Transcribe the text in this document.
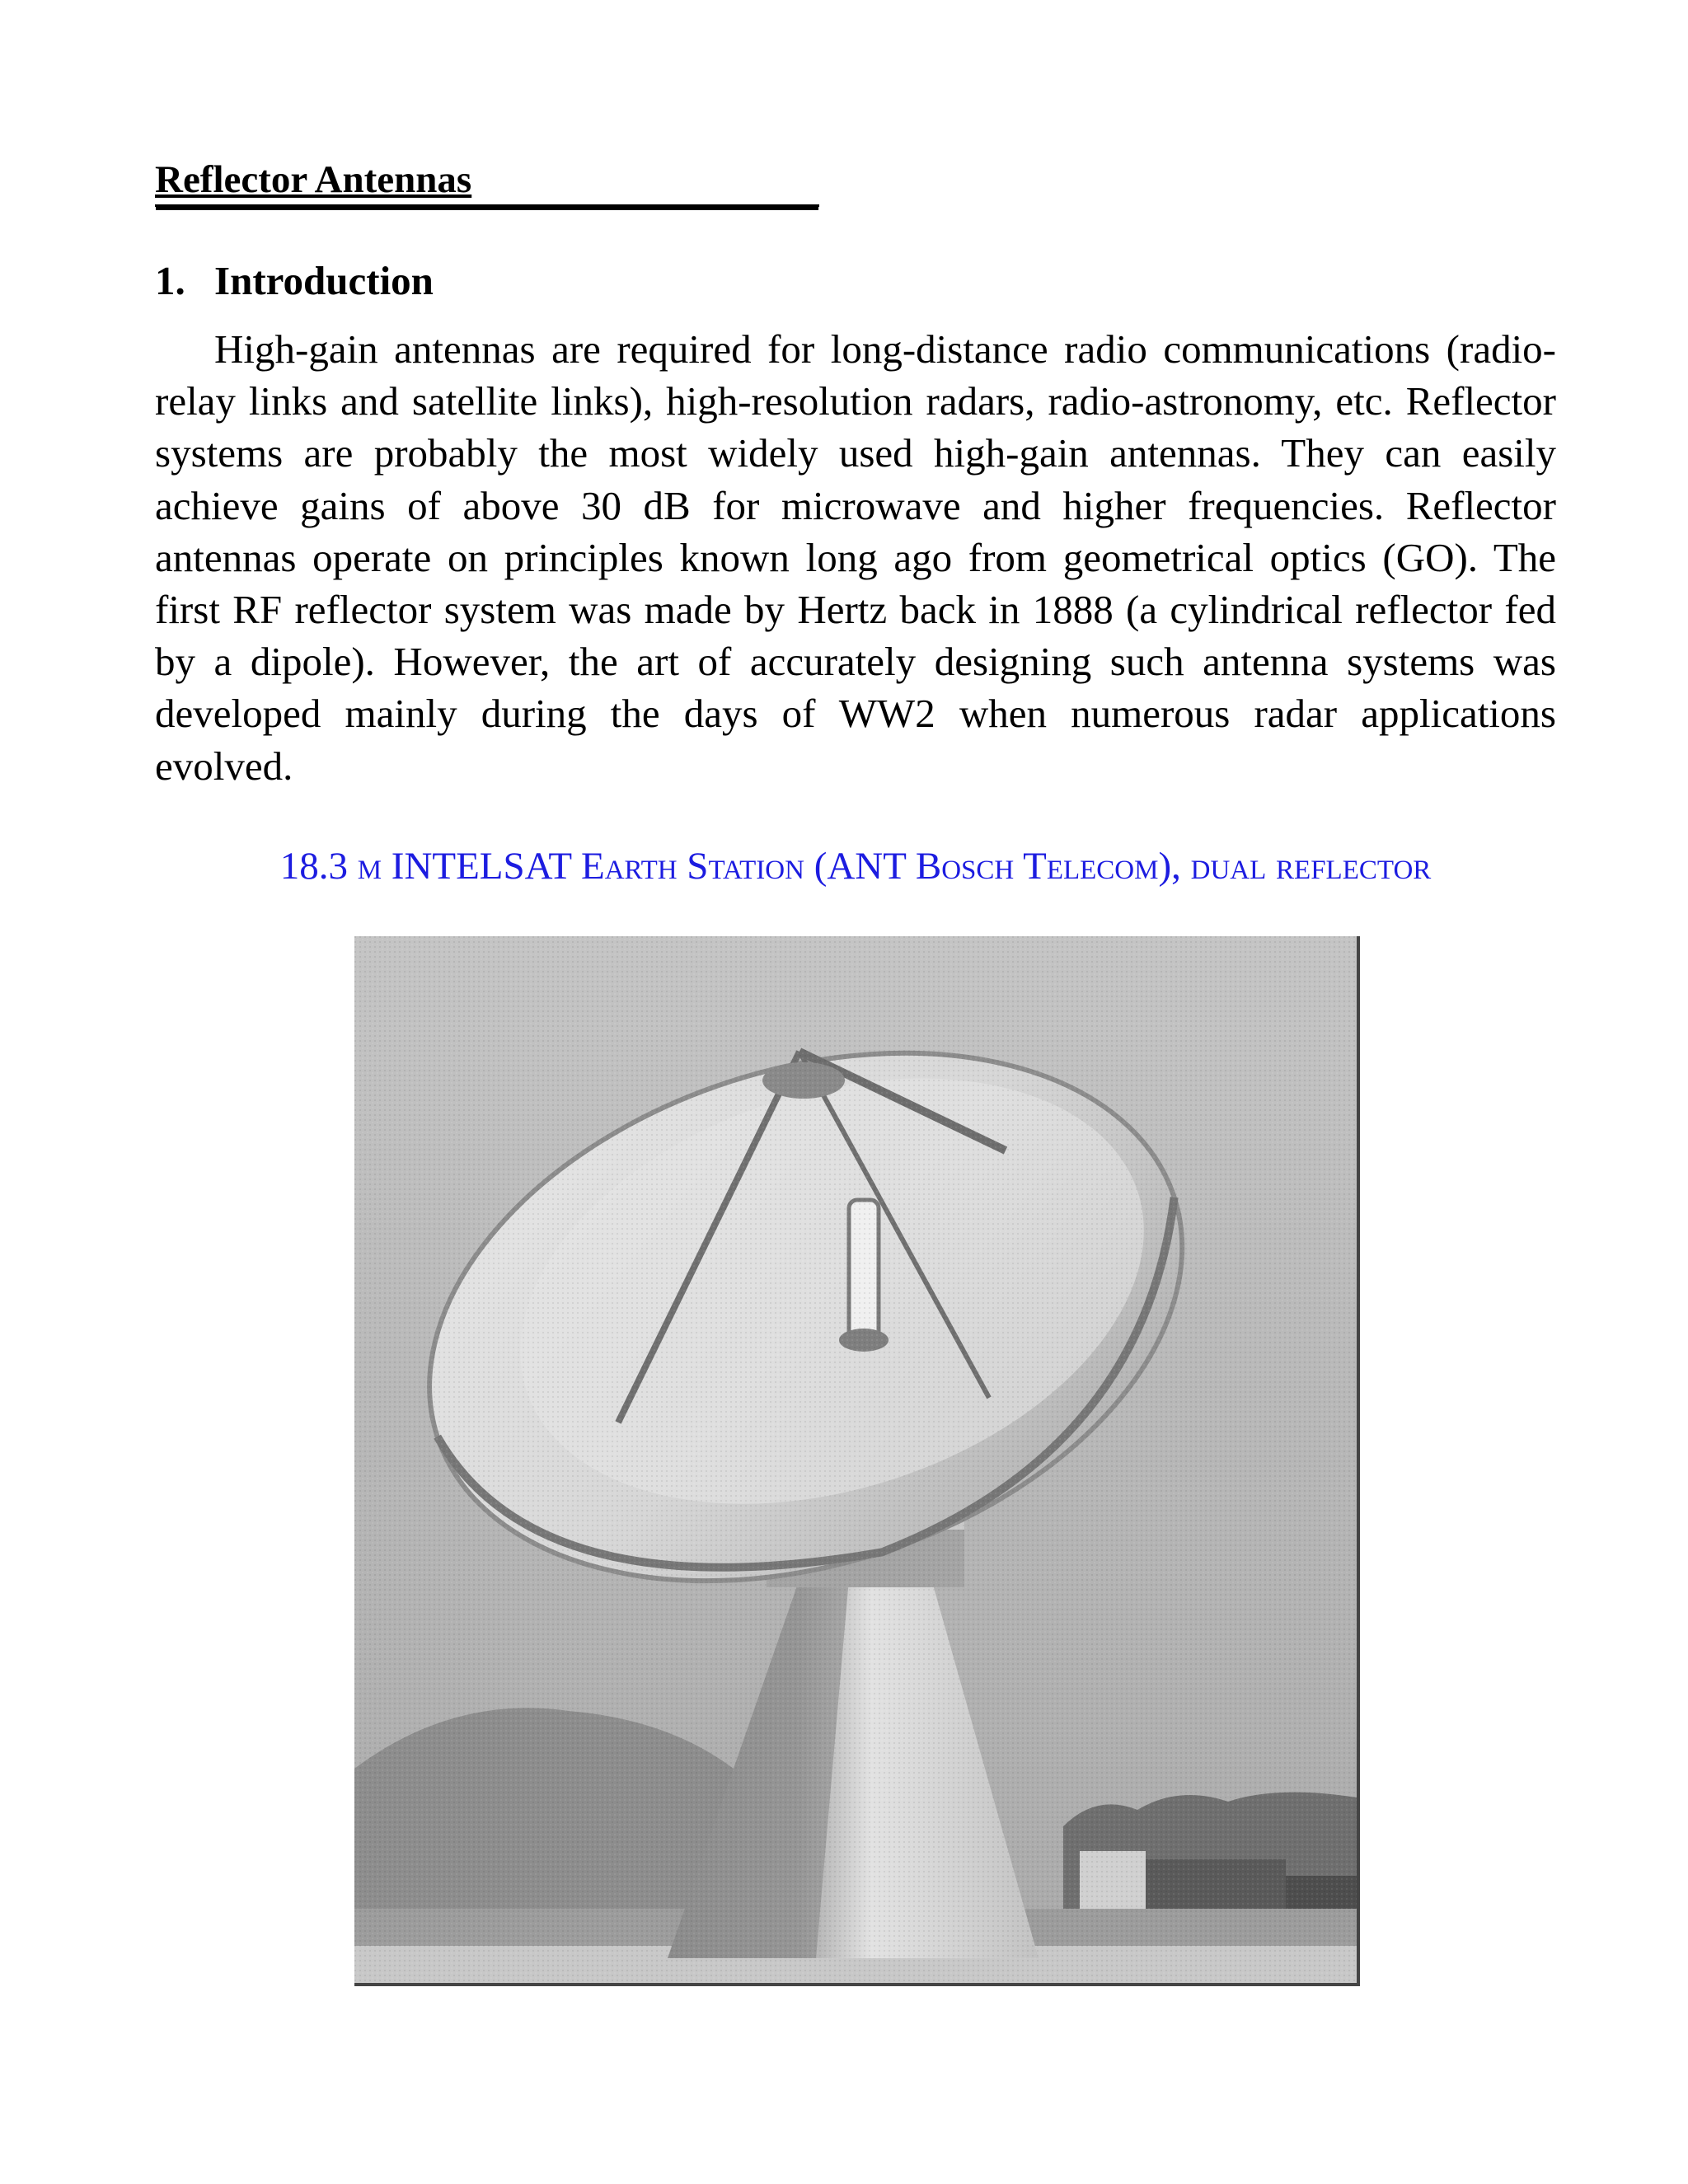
Reflector Antennas
1. Introduction

High-gain antennas are required for long-distance radio communications (radio-relay links and satellite links), high-resolution radars, radio-astronomy, etc. Reflector systems are probably the most widely used high-gain antennas. They can easily achieve gains of above 30 dB for microwave and higher frequencies. Reflector antennas operate on principles known long ago from geometrical optics (GO). The first RF reflector system was made by Hertz back in 1888 (a cylindrical reflector fed by a dipole). However, the art of accurately designing such antenna systems was developed mainly during the days of WW2 when numerous radar applications evolved.

18.3 m INTELSAT Earth Station (ANT Bosch Telecom), dual reflector
